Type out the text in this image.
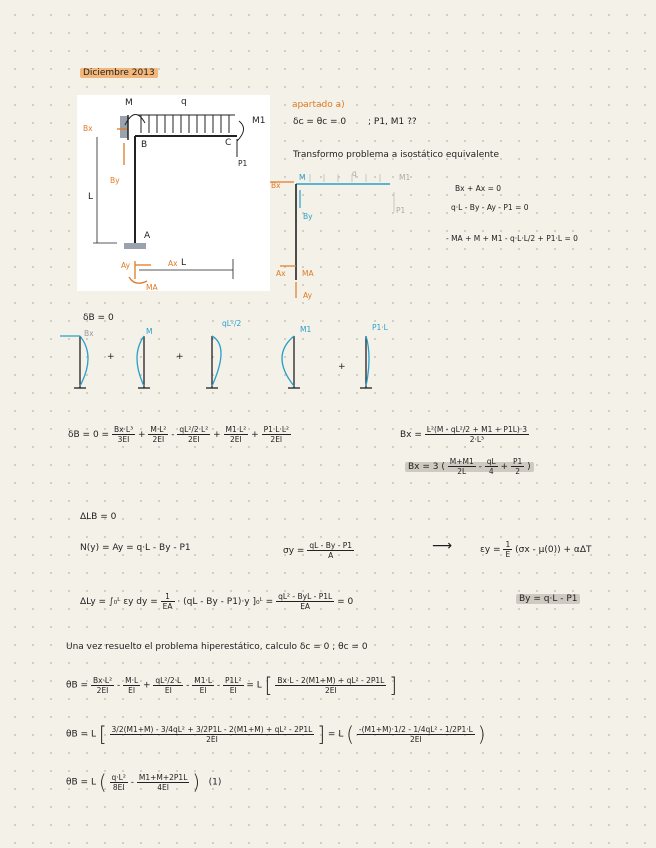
Diciembre 2013
M	q
M1
B	C
P1
L
A
L
Bx
By
Ay	Ax
MA
apartado a)
δc = θc = 0 ; P1, M1 ??
Transformo problema a isostático equivalente
Bx
M	q	M1
By
P1
Ax MA
Ay
Bx + Ax = 0
q·L - By - Ay - P1 = 0
- MA + M + M1 - q·L·L/2 + P1·L = 0
δB = 0
+	+
+
Bx	M
qL²/2
M1	P1·L
$\delta B = 0 = \frac{\text{Bx·L³}}{3EI} + \frac{\text{M·L²}}{2EI} - \frac{\text{qL²/2·L²}}{2EI} + \frac{\text{M1·L²}}{2EI} + \frac{\text{P1·L·L²}}{2EI}$	$Bx = \frac{\text{L²(M - qL²/2 + M1 + P1L)·3}}{\text{2·L³}}$
Bx = 3 ( $\frac{M+M1}{2L} - \frac{qL}{4} + \frac{P1}{2}$ )
ΔLB = 0
N(y) = Ay = q·L - By - P1	$\sigma y = \frac{qL - By - P1}{A}$	⟶	$\varepsilon y = \frac{1}{E} (\sigma x - \mu(0)) + \alpha\Delta T$
ΔLy = ∫₀ᴸ εy dy = $\frac{1}{EA} \cdot (qL - By - P1)\cdot y$ ]₀ᴸ = $\frac{\text{qL² - ByL - P1L}}{EA} = 0$	By = q·L - P1
Una vez resuelto el problema hiperestático, calculo δc = 0 ; θc = 0
$\theta B = \frac{\text{Bx·L²}}{2EI} - \frac{M\cdot L}{EI} + \frac{\text{qL²/2·L}}{EI} - \frac{M1\cdot L}{EI} - \frac{\text{P1L²}}{EI} = L$ [ $\frac{\text{Bx·L - 2(M1+M) + qL² - 2P1L}}{2EI}$ ]
θB = L [ $\frac{\text{3/2(M1+M) - 3/4qL² + 3/2P1L - 2(M1+M) + qL² - 2P1L}}{2EI}$ ] = L ( $\frac{\text{-(M1+M)·1/2 - 1/4qL² - 1/2P1·L}}{2EI}$ )
θB = L ( $\frac{\text{q·L²}}{8EI} - \frac{M1+M+2P1L}{4EI}$ ) (1)
